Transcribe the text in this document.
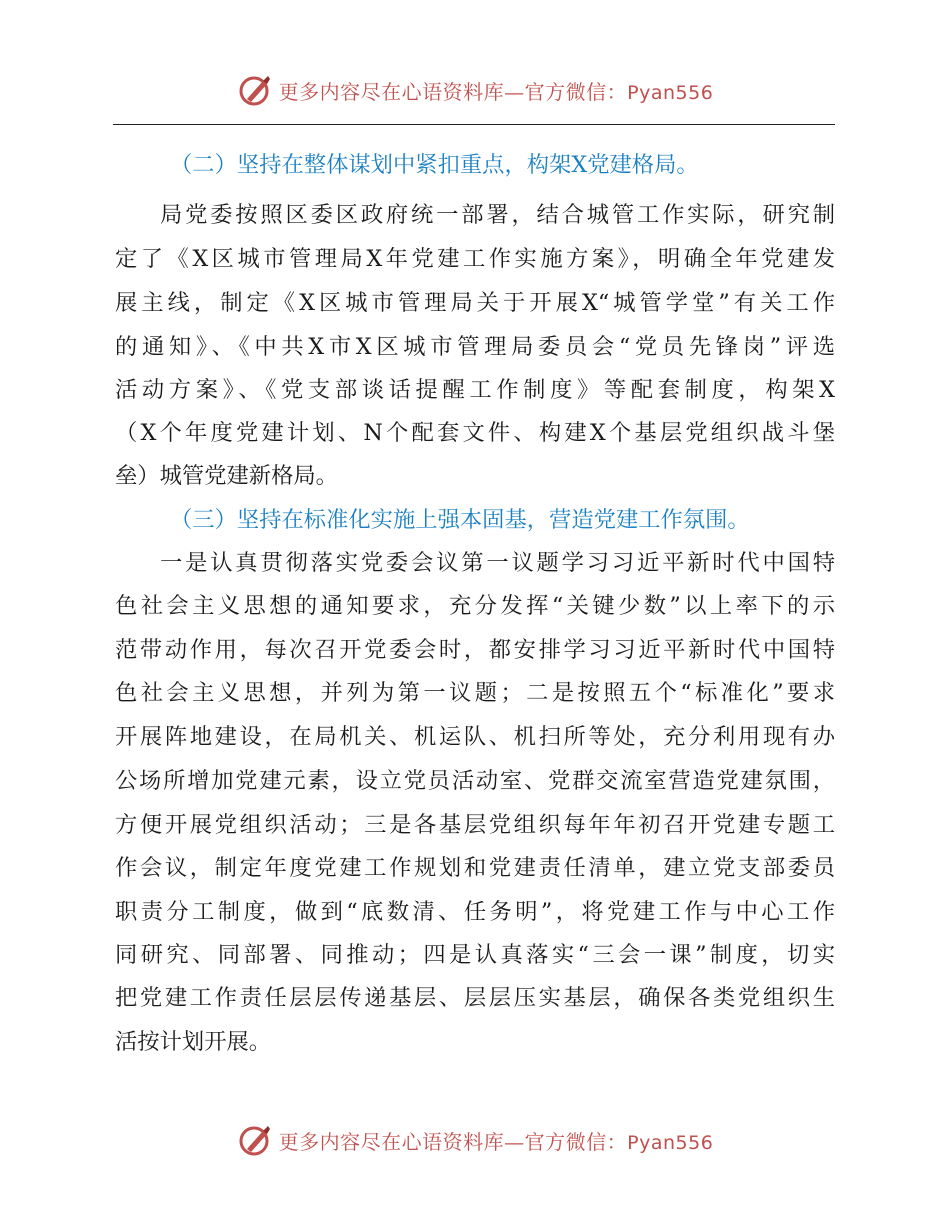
更多内容尽在心语资料库—官方微信：Pyan556
（二）坚持在整体谋划中紧扣重点，构架X党建格局。
局党委按照区委区政府统一部署，结合城管工作实际，研究制
定了《X区城市管理局X年党建工作实施方案》，明确全年党建发
展主线，制定《X区城市管理局关于开展X“城管学堂”有关工作
的通知》、《中共X市X区城市管理局委员会“党员先锋岗”评选
活动方案》、《党支部谈话提醒工作制度》等配套制度，构架X
（X个年度党建计划、N个配套文件、构建X个基层党组织战斗堡
垒）城管党建新格局。
（三）坚持在标准化实施上强本固基，营造党建工作氛围。
一是认真贯彻落实党委会议第一议题学习习近平新时代中国特
色社会主义思想的通知要求，充分发挥“关键少数”以上率下的示
范带动作用，每次召开党委会时，都安排学习习近平新时代中国特
色社会主义思想，并列为第一议题；二是按照五个“标准化”要求
开展阵地建设，在局机关、机运队、机扫所等处，充分利用现有办
公场所增加党建元素，设立党员活动室、党群交流室营造党建氛围，
方便开展党组织活动；三是各基层党组织每年年初召开党建专题工
作会议，制定年度党建工作规划和党建责任清单，建立党支部委员
职责分工制度，做到“底数清、任务明”，将党建工作与中心工作
同研究、同部署、同推动；四是认真落实“三会一课”制度，切实
把党建工作责任层层传递基层、层层压实基层，确保各类党组织生
活按计划开展。
更多内容尽在心语资料库—官方微信：Pyan556
